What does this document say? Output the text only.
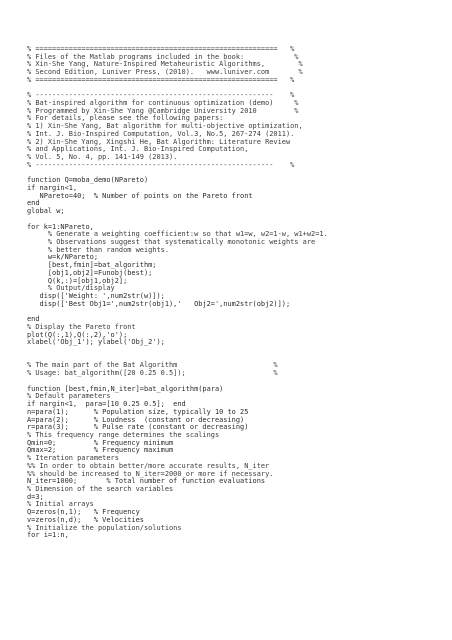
% ==========================================================   %
% Files of the Matlab programs included in the book:            %
% Xin-She Yang, Nature-Inspired Metaheuristic Algorithms,        %
% Second Edition, Luniver Press, (2010).   www.luniver.com       %
% ==========================================================   %
% ---------------------------------------------------------    %
% Bat-inspired algorithm for continuous optimization (demo)     %
% Programmed by Xin-She Yang @Cambridge University 2010         %
% For details, please see the following papers:
% 1) Xin-She Yang, Bat algorithm for multi-objective optimization,
% Int. J. Bio-Inspired Computation, Vol.3, No.5, 267-274 (2011).
% 2) Xin-She Yang, Xingshi He, Bat Algorithm: Literature Review
% and Applications, Int. J. Bio-Inspired Computation,
% Vol. 5, No. 4, pp. 141-149 (2013).
% ---------------------------------------------------------    %
function Q=moba_demo(NPareto)
if nargin<1,
NPareto=40;  % Number of points on the Pareto front
end
global w;
for k=1:NPareto,
% Generate a weighting coefficient:w so that w1=w, w2=1-w, w1+w2=1.
% Observations suggest that systematically monotonic weights are
% better than random weights.
w=k/NPareto;
[best,fmin]=bat_algorithm;
[obj1,obj2]=Funobj(best);
Q(k,:)=[obj1,obj2];
% Output/display
disp(['Weight: ',num2str(w)]);
disp(['Best Obj1=',num2str(obj1),'   Obj2=',num2str(obj2)]);
end
% Display the Pareto front
plot(Q(:,1),Q(:,2),'o');
xlabel('Obj_1'); ylabel('Obj_2');
% The main part of the Bat Algorithm                       %
% Usage: bat_algorithm([20 0.25 0.5]);                     %
function [best,fmin,N_iter]=bat_algorithm(para)
% Default parameters
if nargin<1,  para=[10 0.25 0.5];  end
n=para(1);      % Population size, typically 10 to 25
A=para(2);      % Loudness  (constant or decreasing)
r=para(3);      % Pulse rate (constant or decreasing)
% This frequency range determines the scalings
Qmin=0;         % Frequency minimum
Qmax=2;         % Frequency maximum
% Iteration parameters
%% In order to obtain better/more accurate results, N_iter
%% should be increased to N_iter=2000 or more if necessary.
N_iter=1000;       % Total number of function evaluations
% Dimension of the search variables
d=3;
% Initial arrays
Q=zeros(n,1);   % Frequency
v=zeros(n,d);   % Velocities
% Initialize the population/solutions
for i=1:n,
